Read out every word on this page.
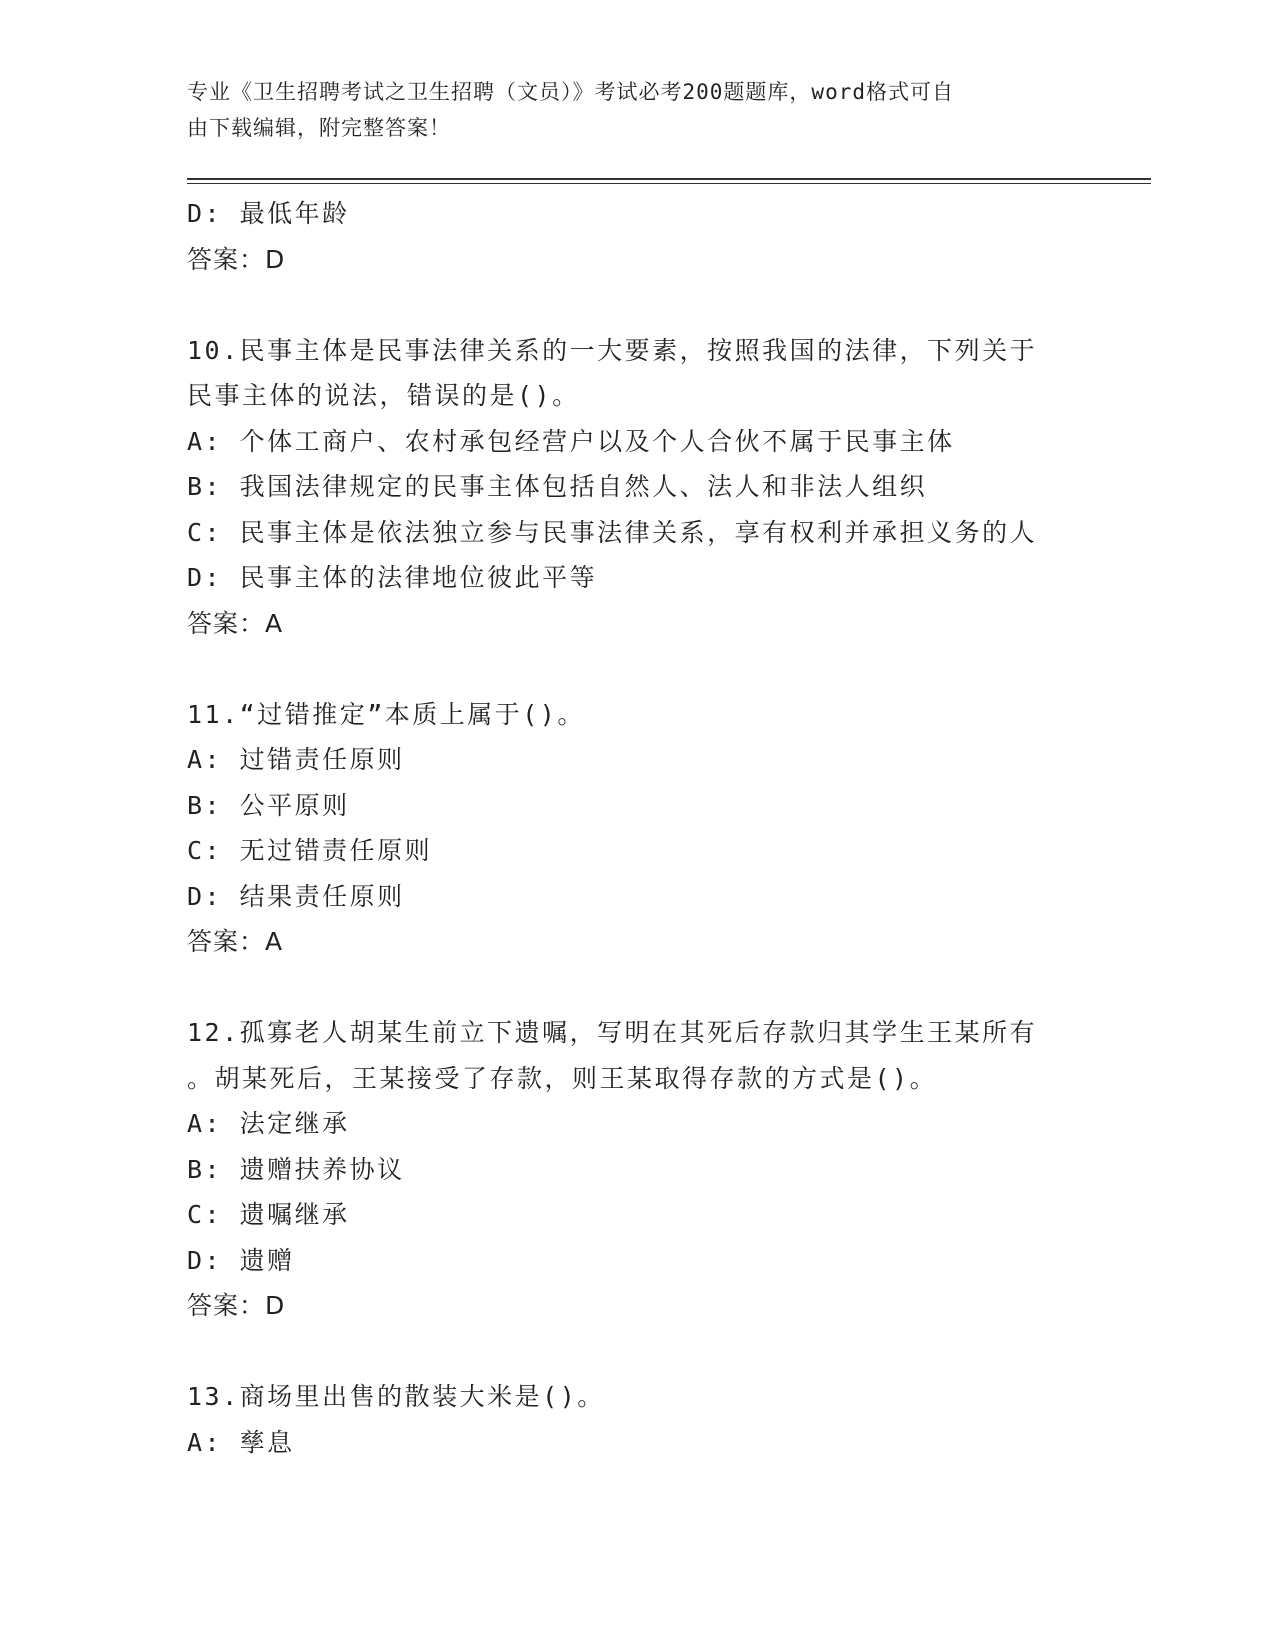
专业《卫生招聘考试之卫生招聘（文员）》考试必考200题题库，word格式可自
由下载编辑，附完整答案！
D: 最低年龄
答案：D
10.民事主体是民事法律关系的一大要素，按照我国的法律，下列关于
民事主体的说法，错误的是()。
A: 个体工商户、农村承包经营户以及个人合伙不属于民事主体
B: 我国法律规定的民事主体包括自然人、法人和非法人组织
C: 民事主体是依法独立参与民事法律关系，享有权利并承担义务的人
D: 民事主体的法律地位彼此平等
答案：A
11.“过错推定”本质上属于()。
A: 过错责任原则
B: 公平原则
C: 无过错责任原则
D: 结果责任原则
答案：A
12.孤寡老人胡某生前立下遗嘱，写明在其死后存款归其学生王某所有
。胡某死后，王某接受了存款，则王某取得存款的方式是()。
A: 法定继承
B: 遗赠扶养协议
C: 遗嘱继承
D: 遗赠
答案：D
13.商场里出售的散装大米是()。
A: 孳息
